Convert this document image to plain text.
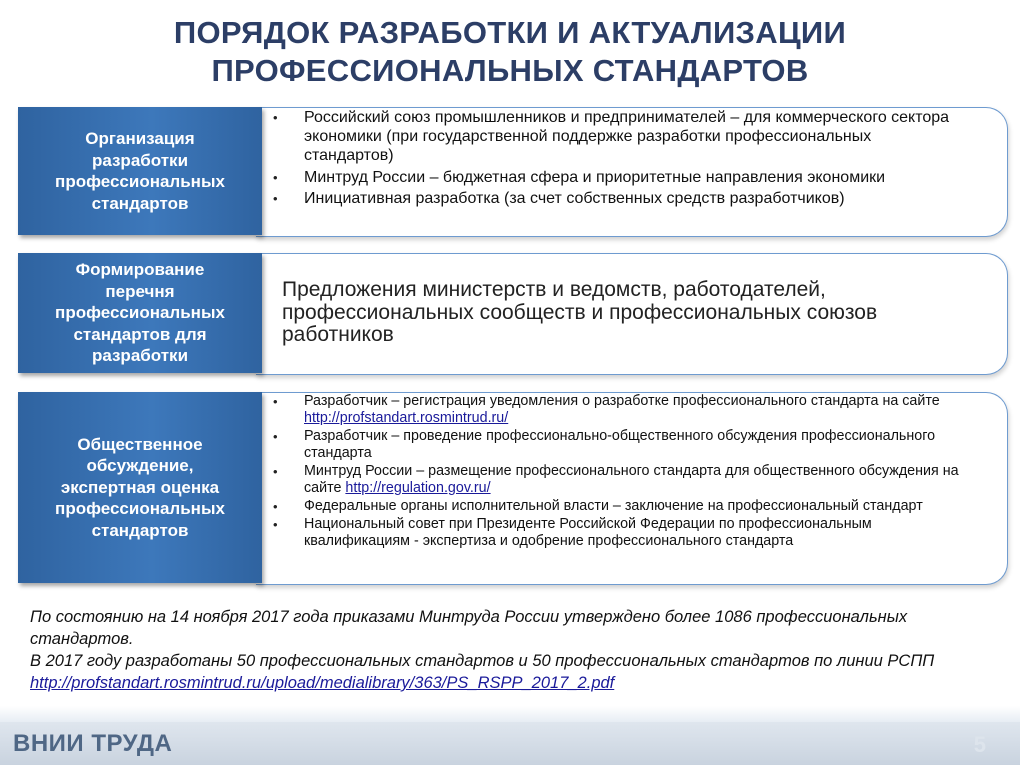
ПОРЯДОК РАЗРАБОТКИ И АКТУАЛИЗАЦИИ
ПРОФЕССИОНАЛЬНЫХ СТАНДАРТОВ
Организация
разработки
профессиональных
стандартов
• Российский союз промышленников и предпринимателей – для коммерческого сектора экономики (при государственной поддержке разработки профессиональных стандартов)
• Минтруд России – бюджетная сфера и приоритетные направления экономики
• Инициативная разработка (за счет собственных средств разработчиков)
Формирование
перечня
профессиональных
стандартов для
разработки
Предложения министерств и ведомств, работодателей, профессиональных сообществ и профессиональных союзов работников
Общественное
обсуждение,
экспертная оценка
профессиональных
стандартов
• Разработчик – регистрация уведомления о разработке профессионального стандарта на сайте http://profstandart.rosmintrud.ru/
• Разработчик – проведение профессионально-общественного обсуждения профессионального стандарта
• Минтруд России – размещение профессионального стандарта для общественного обсуждения на сайте http://regulation.gov.ru/
• Федеральные органы исполнительной власти – заключение на профессиональный стандарт
• Национальный совет при Президенте Российской Федерации по профессиональным квалификациям - экспертиза и одобрение профессионального стандарта
По состоянию на 14 ноября 2017 года приказами Минтруда России утверждено более 1086 профессиональных стандартов.
В 2017 году разработаны 50 профессиональных стандартов и 50 профессиональных стандартов по линии РСПП
http://profstandart.rosmintrud.ru/upload/medialibrary/363/PS_RSPP_2017_2.pdf
ВНИИ ТРУДА	5
